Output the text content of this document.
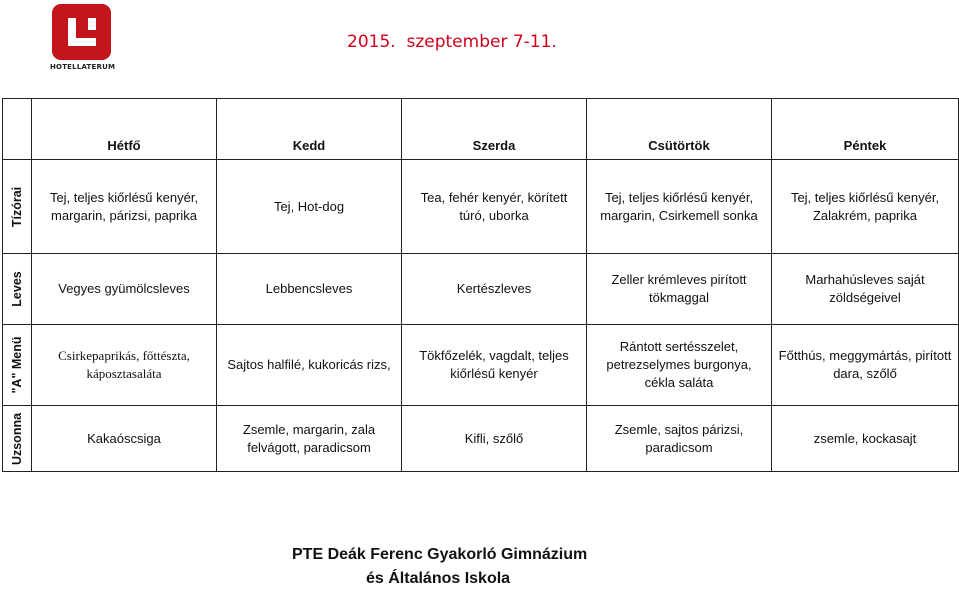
HOTELLATERUM
2015.  szeptember 7-11.
	Hétfő	Kedd	Szerda	Csütörtök	Péntek

Tízórai	Tej, teljes kiőrlésű kenyér, margarin, párizsi, paprika	Tej, Hot-dog	Tea, fehér kenyér, körített túró, uborka	Tej, teljes kiőrlésű kenyér, margarin, Csirkemell sonka	Tej, teljes kiőrlésű kenyér, Zalakrém, paprika

Leves	Vegyes gyümölcsleves	Lebbencsleves	Kertészleves	Zeller krémleves pirított tökmaggal	Marhahúsleves saját zöldségeivel

"A" Menü	Csirkepaprikás, főttészta, káposztasaláta	Sajtos halfilé, kukoricás rizs,	Tökfőzelék, vagdalt, teljes kiőrlésű kenyér	Rántott sertésszelet, petrezselymes burgonya, cékla saláta	Főtthús, meggymártás, pirított dara, szőlő

Uzsonna	Kakaóscsiga	Zsemle, margarin, zala felvágott, paradicsom	Kifli, szőlő	Zsemle, sajtos párizsi, paradicsom	zsemle, kockasajt
PTE Deák Ferenc Gyakorló Gimnázium
és Általános Iskola
